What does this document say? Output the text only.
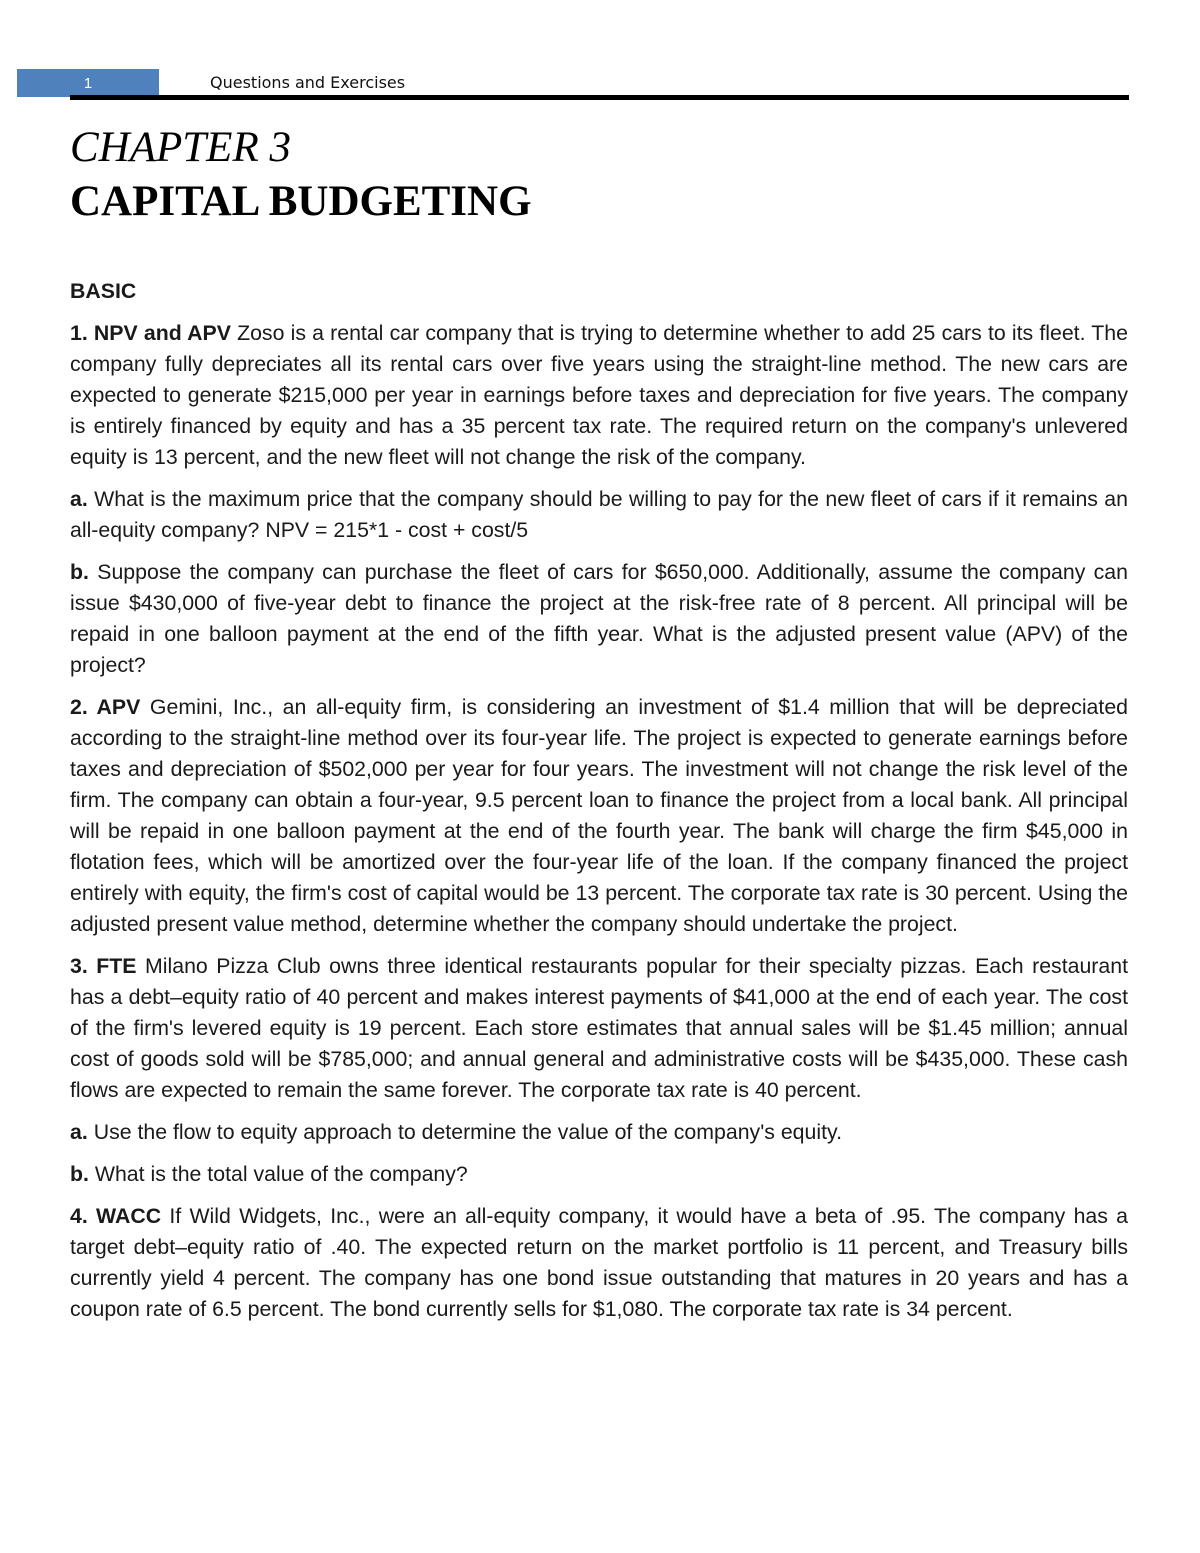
1	Questions and Exercises
CHAPTER 3
CAPITAL BUDGETING
BASIC

1. NPV and APV Zoso is a rental car company that is trying to determine whether to add 25 cars to its fleet. The company fully depreciates all its rental cars over five years using the straight-line method. The new cars are expected to generate $215,000 per year in earnings before taxes and depreciation for five years. The company is entirely financed by equity and has a 35 percent tax rate. The required return on the company's unlevered equity is 13 percent, and the new fleet will not change the risk of the company.

a. What is the maximum price that the company should be willing to pay for the new fleet of cars if it remains an all-equity company? NPV = 215*1 - cost + cost/5

b. Suppose the company can purchase the fleet of cars for $650,000. Additionally, assume the company can issue $430,000 of five-year debt to finance the project at the risk-free rate of 8 percent. All principal will be repaid in one balloon payment at the end of the fifth year. What is the adjusted present value (APV) of the project?

2. APV Gemini, Inc., an all-equity firm, is considering an investment of $1.4 million that will be depreciated according to the straight-line method over its four-year life. The project is expected to generate earnings before taxes and depreciation of $502,000 per year for four years. The investment will not change the risk level of the firm. The company can obtain a four-year, 9.5 percent loan to finance the project from a local bank. All principal will be repaid in one balloon payment at the end of the fourth year. The bank will charge the firm $45,000 in flotation fees, which will be amortized over the four-year life of the loan. If the company financed the project entirely with equity, the firm's cost of capital would be 13 percent. The corporate tax rate is 30 percent. Using the adjusted present value method, determine whether the company should undertake the project.

3. FTE Milano Pizza Club owns three identical restaurants popular for their specialty pizzas. Each restaurant has a debt–equity ratio of 40 percent and makes interest payments of $41,000 at the end of each year. The cost of the firm's levered equity is 19 percent. Each store estimates that annual sales will be $1.45 million; annual cost of goods sold will be $785,000; and annual general and administrative costs will be $435,000. These cash flows are expected to remain the same forever. The corporate tax rate is 40 percent.

a. Use the flow to equity approach to determine the value of the company's equity.

b. What is the total value of the company?

4. WACC If Wild Widgets, Inc., were an all-equity company, it would have a beta of .95. The company has a target debt–equity ratio of .40. The expected return on the market portfolio is 11 percent, and Treasury bills currently yield 4 percent. The company has one bond issue outstanding that matures in 20 years and has a coupon rate of 6.5 percent. The bond currently sells for $1,080. The corporate tax rate is 34 percent.
